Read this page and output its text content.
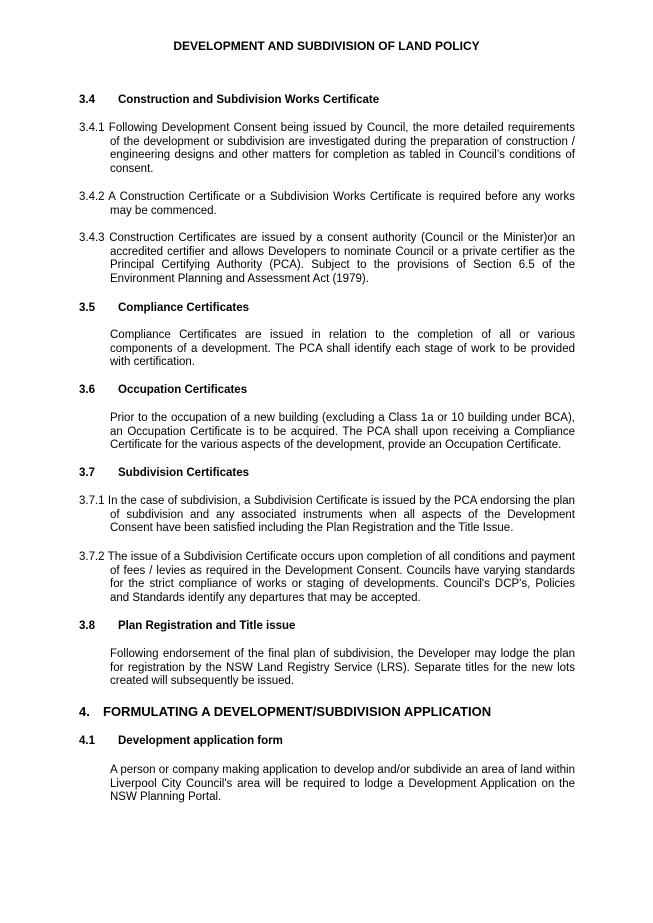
DEVELOPMENT AND SUBDIVISION OF LAND POLICY
3.4 Construction and Subdivision Works Certificate
3.4.1 Following Development Consent being issued by Council, the more detailed requirements of the development or subdivision are investigated during the preparation of construction / engineering designs and other matters for completion as tabled in Council’s conditions of consent.
3.4.2 A Construction Certificate or a Subdivision Works Certificate is required before any works may be commenced.
3.4.3 Construction Certificates are issued by a consent authority (Council or the Minister)or an accredited certifier and allows Developers to nominate Council or a private certifier as the Principal Certifying Authority (PCA). Subject to the provisions of Section 6.5 of the Environment Planning and Assessment Act (1979).
3.5 Compliance Certificates
Compliance Certificates are issued in relation to the completion of all or various components of a development. The PCA shall identify each stage of work to be provided with certification.
3.6 Occupation Certificates
Prior to the occupation of a new building (excluding a Class 1a or 10 building under BCA), an Occupation Certificate is to be acquired. The PCA shall upon receiving a Compliance Certificate for the various aspects of the development, provide an Occupation Certificate.
3.7 Subdivision Certificates
3.7.1 In the case of subdivision, a Subdivision Certificate is issued by the PCA endorsing the plan of subdivision and any associated instruments when all aspects of the Development Consent have been satisfied including the Plan Registration and the Title Issue.
3.7.2 The issue of a Subdivision Certificate occurs upon completion of all conditions and payment of fees / levies as required in the Development Consent. Councils have varying standards for the strict compliance of works or staging of developments. Council's DCP's, Policies and Standards identify any departures that may be accepted.
3.8 Plan Registration and Title issue
Following endorsement of the final plan of subdivision, the Developer may lodge the plan for registration by the NSW Land Registry Service (LRS). Separate titles for the new lots created will subsequently be issued.
4. FORMULATING A DEVELOPMENT/SUBDIVISION APPLICATION
4.1 Development application form
A person or company making application to develop and/or subdivide an area of land within Liverpool City Council's area will be required to lodge a Development Application on the NSW Planning Portal.
